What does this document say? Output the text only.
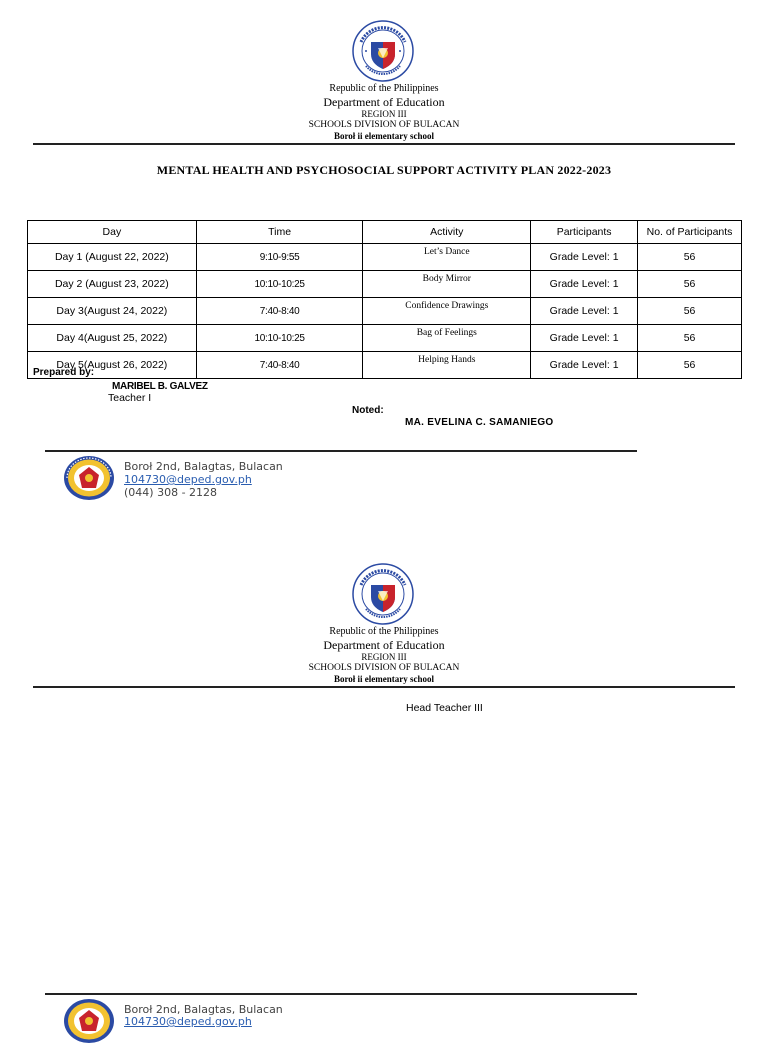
Republic of the Philippines
Department of Education
REGION III
SCHOOLS DIVISION OF BULACAN
Boroł ii elementary school
MENTAL HEALTH AND PSYCHOSOCIAL SUPPORT ACTIVITY PLAN 2022-2023
Day	Time	Activity	Participants	No. of Participants
Day 1 (August 22, 2022)	9:10-9:55	Let’s Dance	Grade Level: 1	56
Day 2 (August 23, 2022)	10:10-10:25	Body Mirror	Grade Level: 1	56
Day 3(August 24, 2022)	7:40-8:40	Confidence Drawings	Grade Level: 1	56
Day 4(August 25, 2022)	10:10-10:25	Bag of Feelings	Grade Level: 1	56
Day 5(August 26, 2022)	7:40-8:40	Helping Hands	Grade Level: 1	56
Prepared by:
MARIBEL B. GALVEZ
Teacher I
Noted:
MA. EVELINA C. SAMANIEGO
Boroł 2nd, Balagtas, Bulacan
104730@deped.gov.ph
(044) 308 - 2128
Republic of the Philippines
Department of Education
REGION III
SCHOOLS DIVISION OF BULACAN
Boroł ii elementary school
Head Teacher III
Boroł 2nd, Balagtas, Bulacan
104730@deped.gov.ph
